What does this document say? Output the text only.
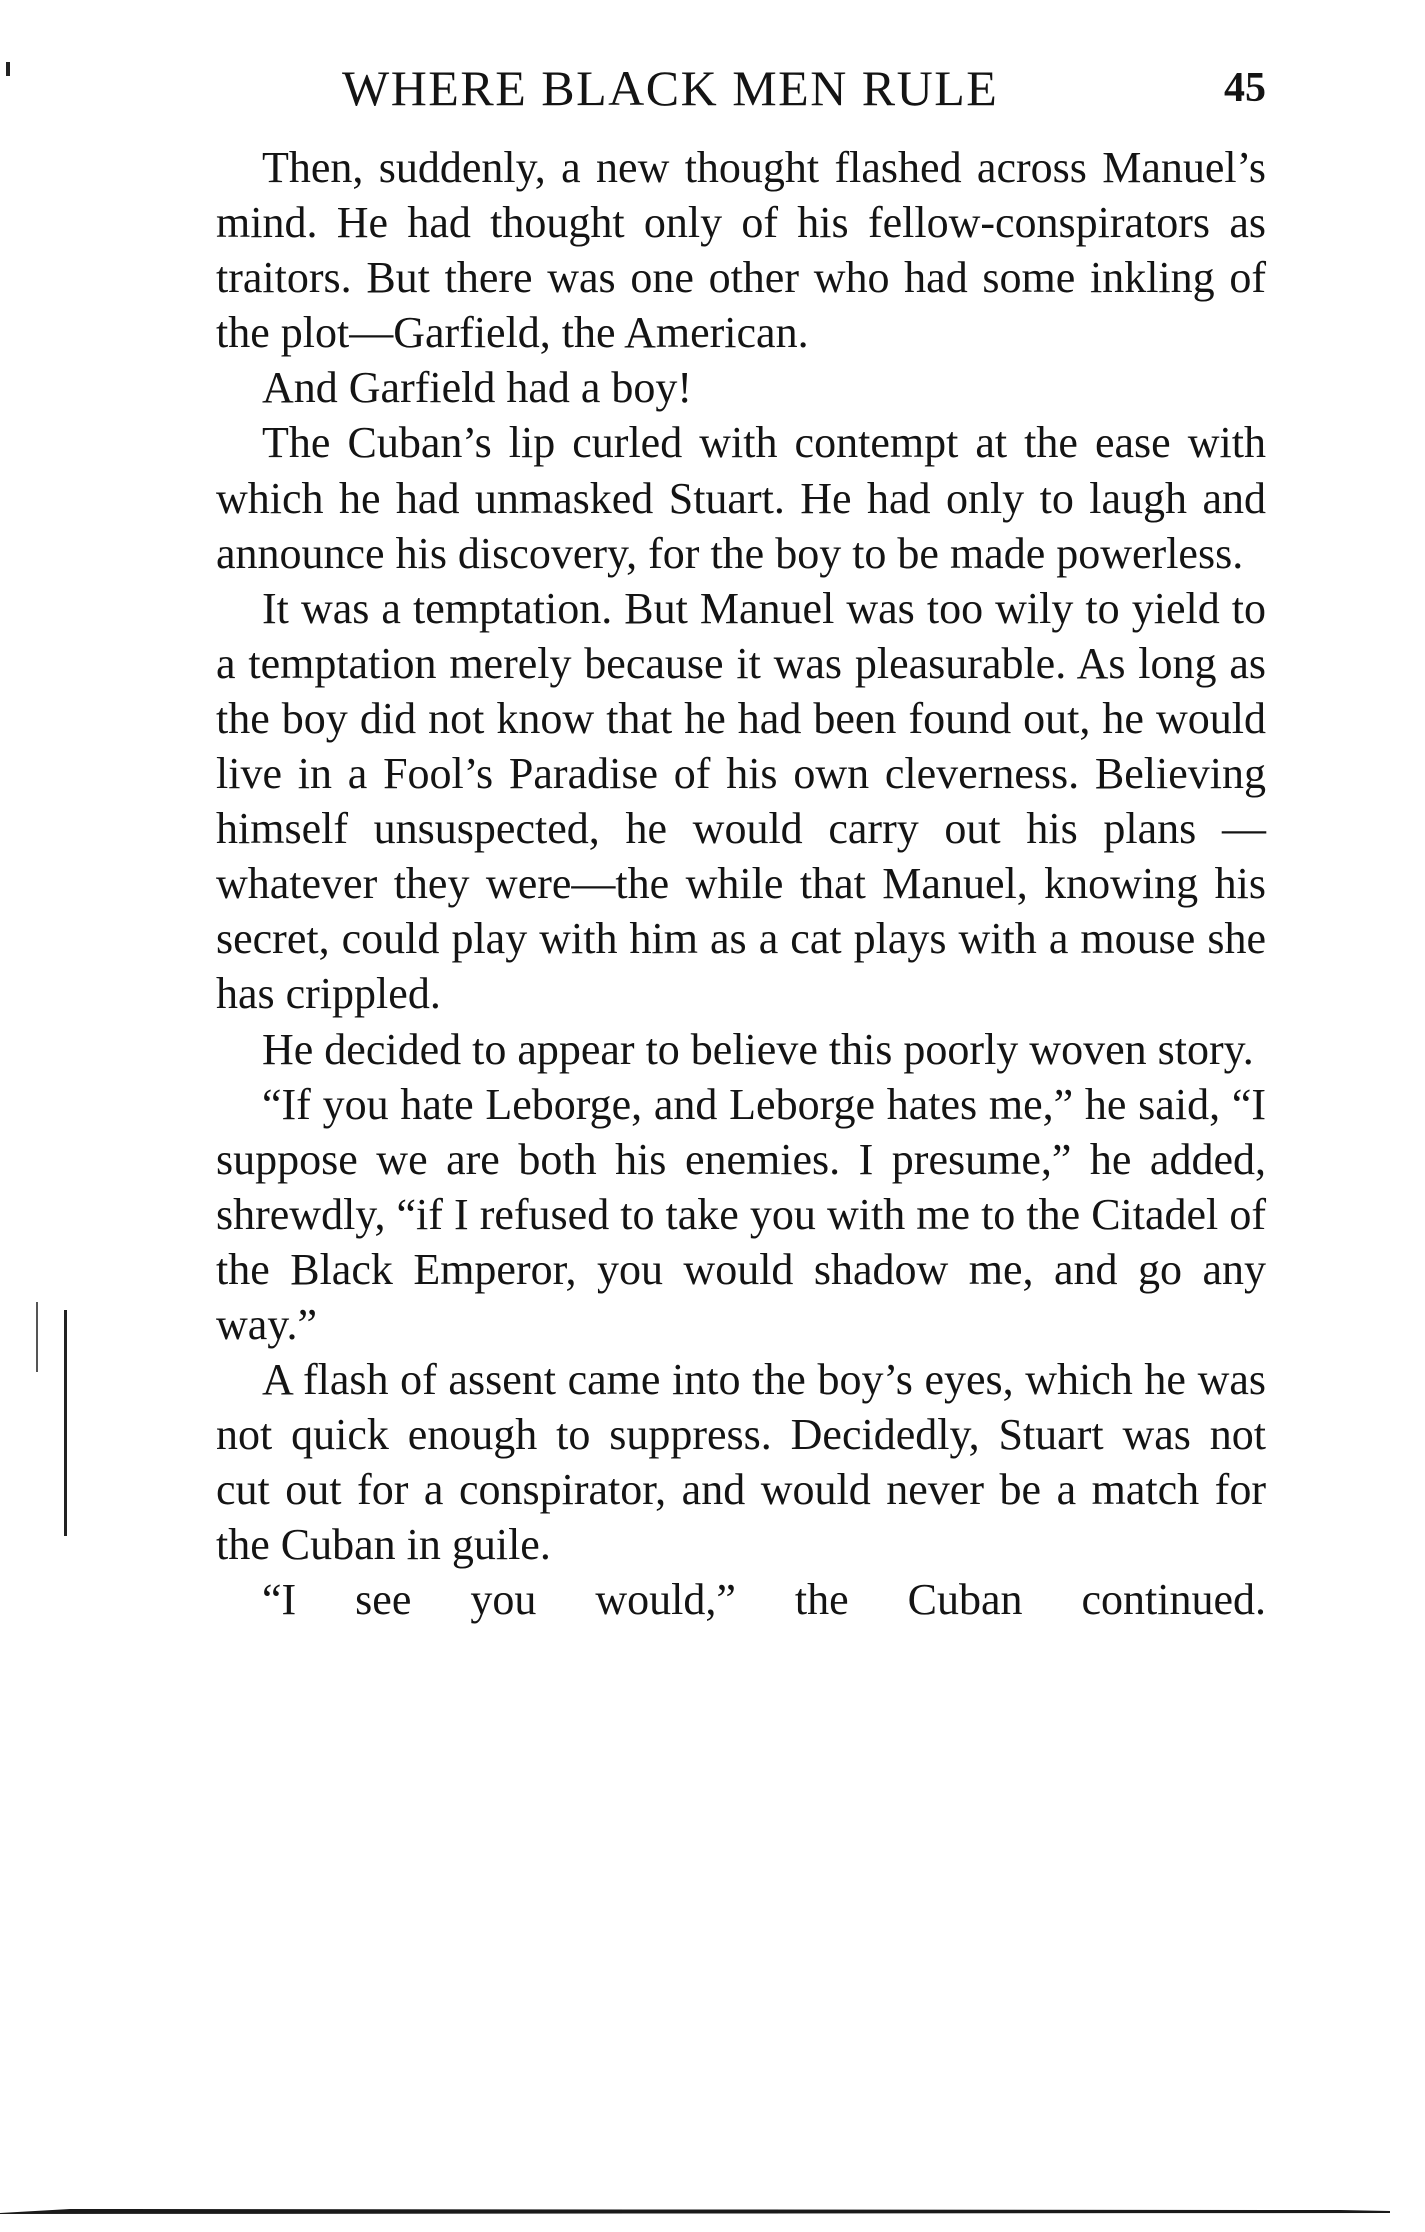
WHERE BLACK MEN RULE	45

Then, suddenly, a new thought flashed across Manuel’s mind. He had thought only of his fellow-conspirators as traitors. But there was one other who had some inkling of the plot—Garfield, the American.

And Garfield had a boy!

The Cuban’s lip curled with contempt at the ease with which he had unmasked Stuart. He had only to laugh and announce his discovery, for the boy to be made powerless.

It was a temptation. But Manuel was too wily to yield to a temptation merely because it was pleasurable. As long as the boy did not know that he had been found out, he would live in a Fool’s Paradise of his own cleverness. Believing himself unsuspected, he would carry out his plans —whatever they were—the while that Manuel, knowing his secret, could play with him as a cat plays with a mouse she has crippled.

He decided to appear to believe this poorly woven story.

“If you hate Leborge, and Leborge hates me,” he said, “I suppose we are both his enemies. I presume,” he added, shrewdly, “if I refused to take you with me to the Citadel of the Black Emperor, you would shadow me, and go any way.”

A flash of assent came into the boy’s eyes, which he was not quick enough to suppress. Decidedly, Stuart was not cut out for a conspirator, and would never be a match for the Cuban in guile.

“I see you would,” the Cuban continued.
